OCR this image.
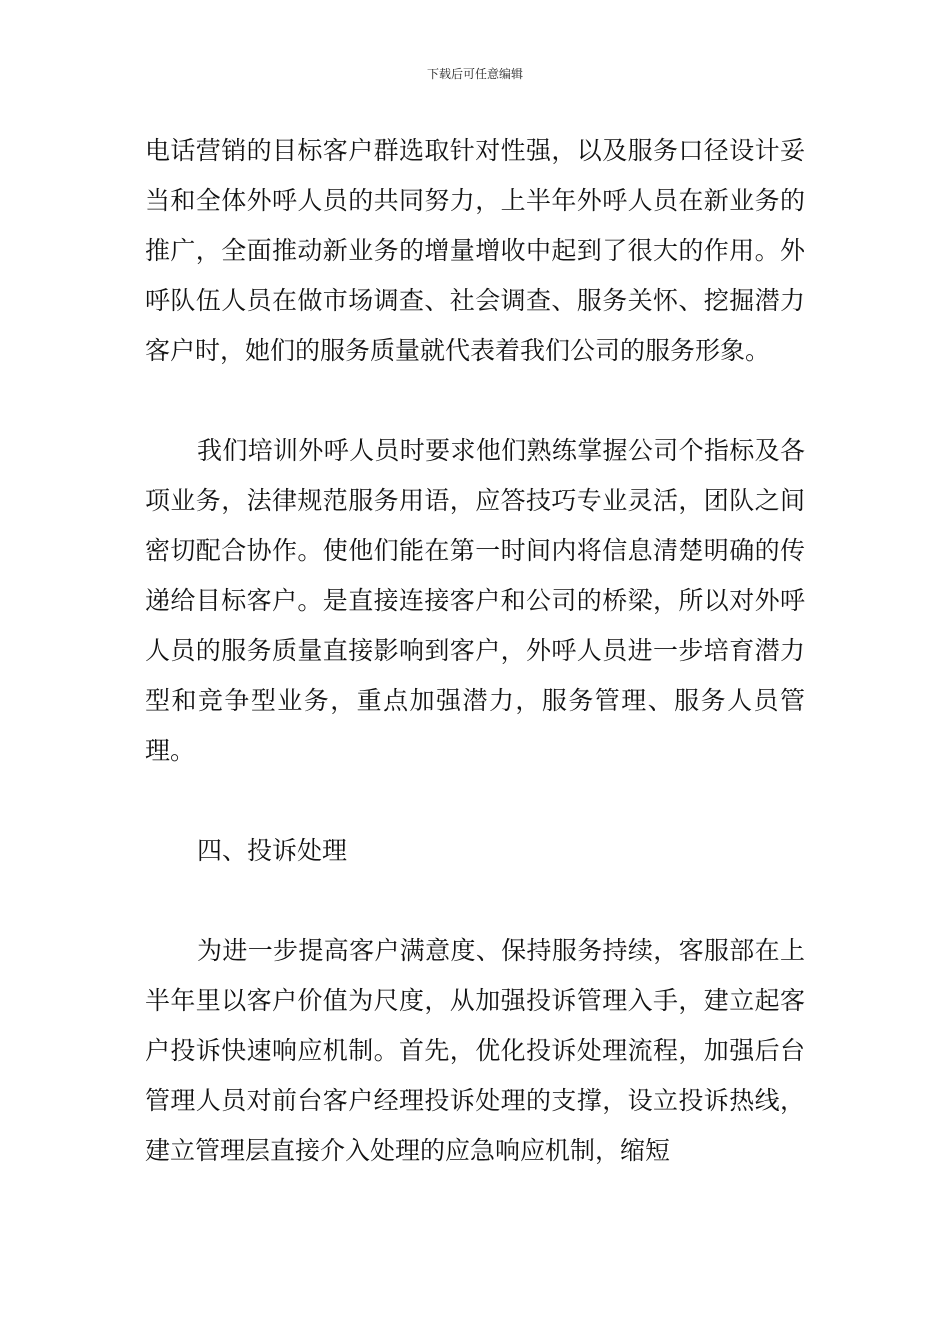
下载后可任意编辑

电话营销的目标客户群选取针对性强，以及服务口径设计妥当和全体外呼人员的共同努力，上半年外呼人员在新业务的推广，全面推动新业务的增量增收中起到了很大的作用。外呼队伍人员在做市场调查、社会调查、服务关怀、挖掘潜力客户时，她们的服务质量就代表着我们公司的服务形象。

我们培训外呼人员时要求他们熟练掌握公司个指标及各项业务，法律规范服务用语，应答技巧专业灵活，团队之间密切配合协作。使他们能在第一时间内将信息清楚明确的传递给目标客户。是直接连接客户和公司的桥梁，所以对外呼人员的服务质量直接影响到客户，外呼人员进一步培育潜力型和竞争型业务，重点加强潜力，服务管理、服务人员管理。

四、投诉处理

为进一步提高客户满意度、保持服务持续，客服部在上半年里以客户价值为尺度，从加强投诉管理入手，建立起客户投诉快速响应机制。首先，优化投诉处理流程，加强后台管理人员对前台客户经理投诉处理的支撑，设立投诉热线，建立管理层直接介入处理的应急响应机制，缩短
